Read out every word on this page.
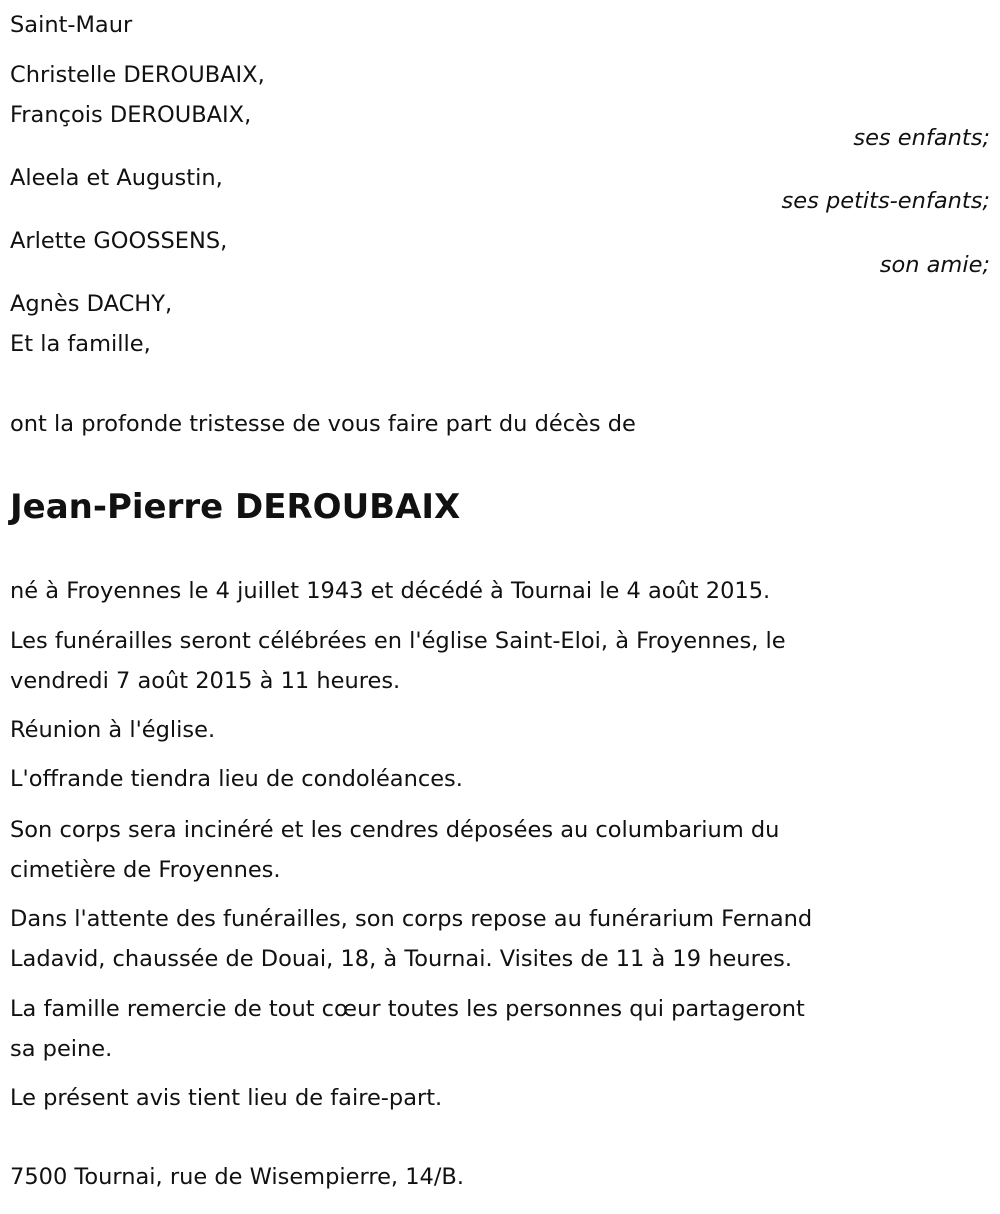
Saint-Maur
Christelle DEROUBAIX,
François DEROUBAIX,
ses enfants;
Aleela et Augustin,
ses petits-enfants;
Arlette GOOSSENS,
son amie;
Agnès DACHY,
Et la famille,
ont la profonde tristesse de vous faire part du décès de
Jean-Pierre DEROUBAIX
né à Froyennes le 4 juillet 1943 et décédé à Tournai le 4 août 2015.
Les funérailles seront célébrées en l'église Saint-Eloi, à Froyennes, le
vendredi 7 août 2015 à 11 heures.
Réunion à l'église.
L'offrande tiendra lieu de condoléances.
Son corps sera incinéré et les cendres déposées au columbarium du
cimetière de Froyennes.
Dans l'attente des funérailles, son corps repose au funérarium Fernand
Ladavid, chaussée de Douai, 18, à Tournai. Visites de 11 à 19 heures.
La famille remercie de tout cœur toutes les personnes qui partageront
sa peine.
Le présent avis tient lieu de faire-part.
7500 Tournai, rue de Wisempierre, 14/B.
